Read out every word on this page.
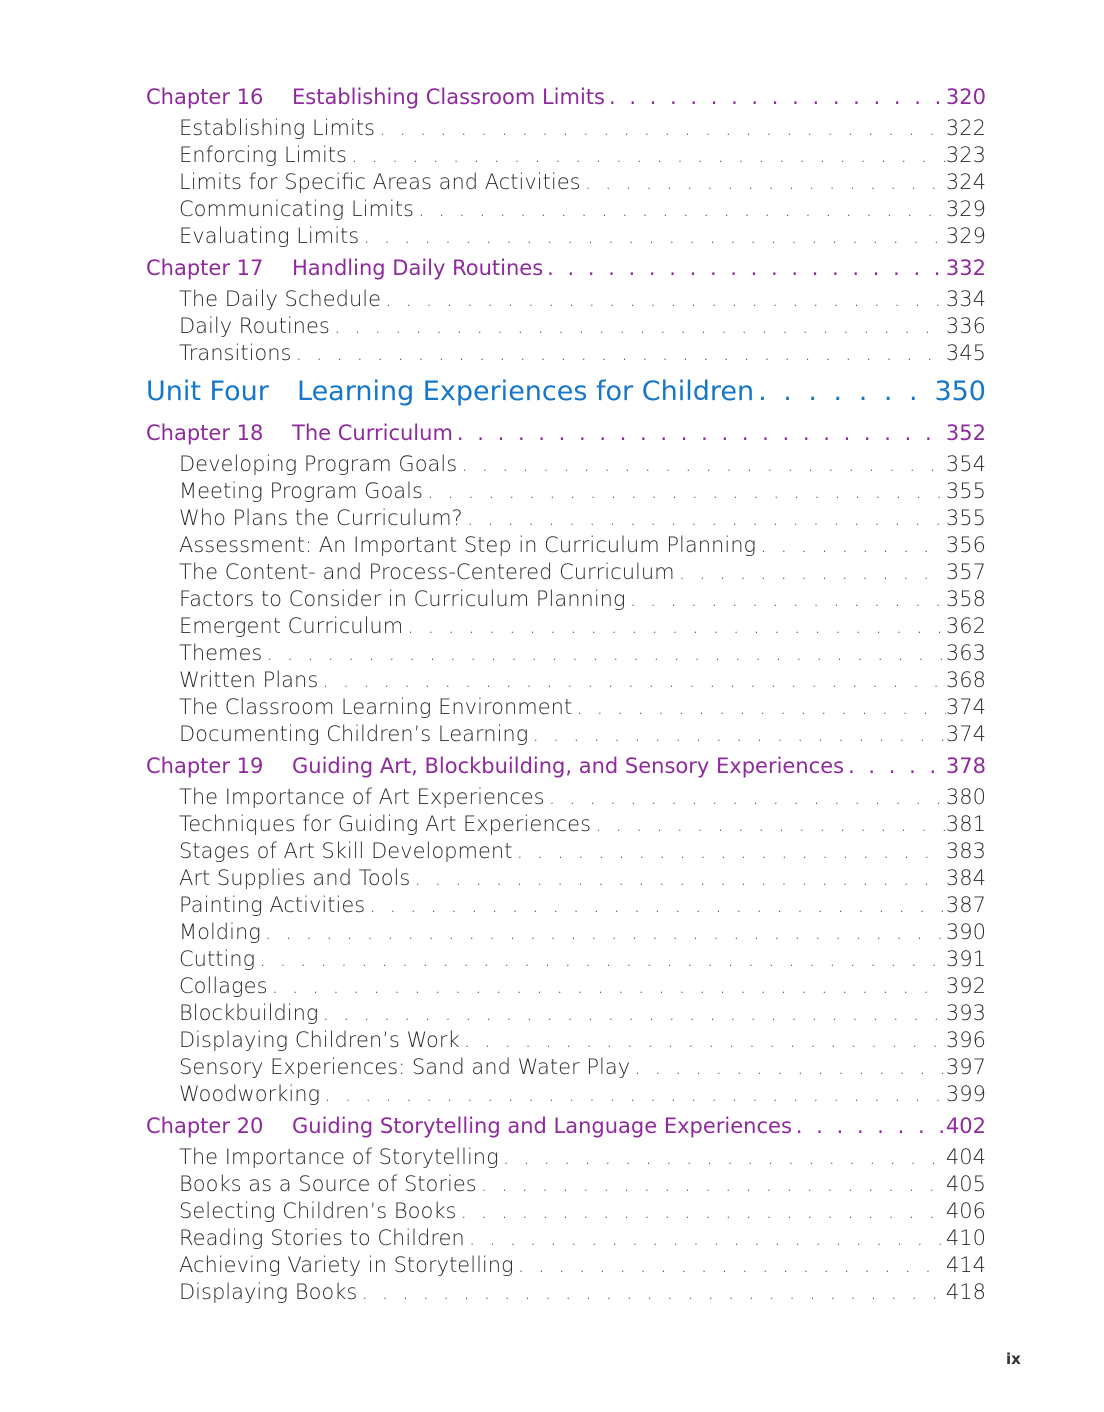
Chapter 16 Establishing Classroom Limits . . .	320
Establishing Limits . . .	322
Enforcing Limits . . .	323
Limits for Specific Areas and Activities . . .	324
Communicating Limits . . .	329
Evaluating Limits . . .	329
Chapter 17 Handling Daily Routines . . .	332
The Daily Schedule . . .	334
Daily Routines . . .	336
Transitions . . .	345
Unit Four Learning Experiences for Children . . .	350
Chapter 18 The Curriculum . . .	352
Developing Program Goals . . .	354
Meeting Program Goals . . .	355
Who Plans the Curriculum? . . .	355
Assessment: An Important Step in Curriculum Planning . . .	356
The Content- and Process-Centered Curriculum . . .	357
Factors to Consider in Curriculum Planning . . .	358
Emergent Curriculum . . .	362
Themes . . .	363
Written Plans . . .	368
The Classroom Learning Environment . . .	374
Documenting Children’s Learning . . .	374
Chapter 19 Guiding Art, Blockbuilding, and Sensory Experiences . . .	378
The Importance of Art Experiences . . .	380
Techniques for Guiding Art Experiences . . .	381
Stages of Art Skill Development . . .	383
Art Supplies and Tools . . .	384
Painting Activities . . .	387
Molding . . .	390
Cutting . . .	391
Collages . . .	392
Blockbuilding . . .	393
Displaying Children’s Work . . .	396
Sensory Experiences: Sand and Water Play . . .	397
Woodworking . . .	399
Chapter 20 Guiding Storytelling and Language Experiences . . .	402
The Importance of Storytelling . . .	404
Books as a Source of Stories . . .	405
Selecting Children’s Books . . .	406
Reading Stories to Children . . .	410
Achieving Variety in Storytelling . . .	414
Displaying Books . . .	418
ix
